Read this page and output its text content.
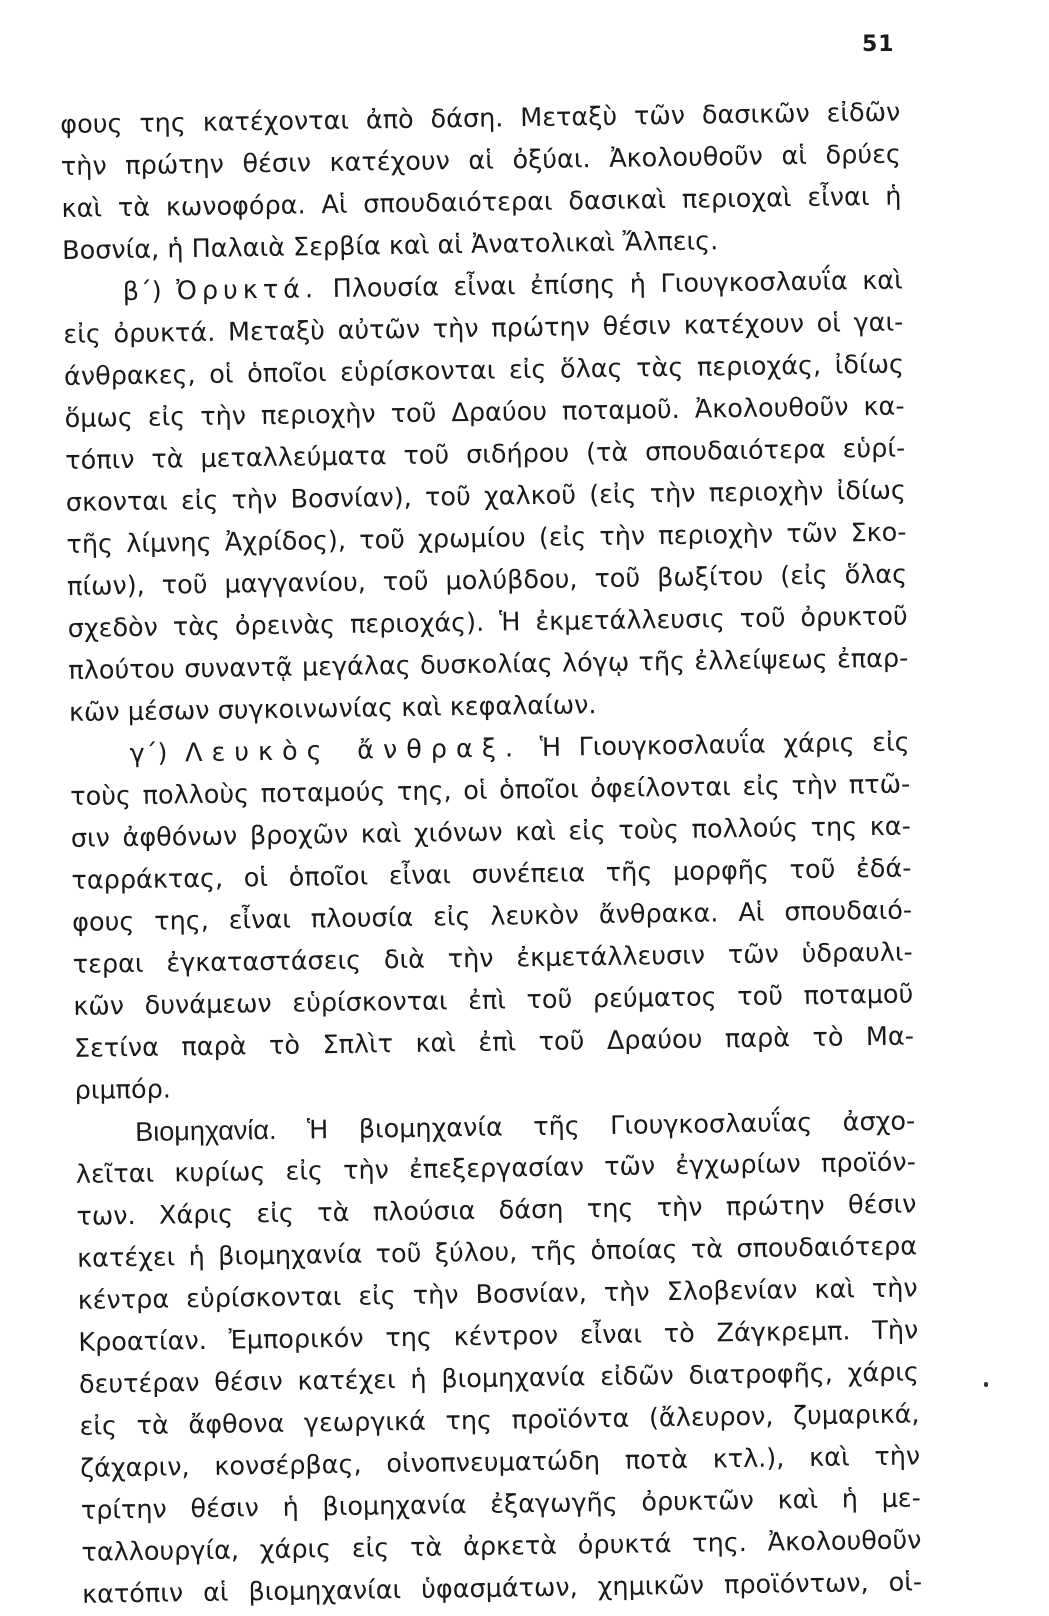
51
φους της κατέχονται ἀπὸ δάση. Μεταξὺ τῶν δασικῶν εἰδῶν
τὴν πρώτην θέσιν κατέχουν αἱ ὀξύαι. Ἀκολουθοῦν αἱ δρύες
καὶ τὰ κωνοφόρα. Αἱ σπουδαιότεραι δασικαὶ περιοχαὶ εἶναι ἡ
Βοσνία, ἡ Παλαιὰ Σερβία καὶ αἱ Ἀνατολικαὶ Ἄλπεις.
β΄) Ὀρυκτά. Πλουσία εἶναι ἐπίσης ἡ Γιουγκοσλαυΐα καὶ
εἰς ὀρυκτά. Μεταξὺ αὐτῶν τὴν πρώτην θέσιν κατέχουν οἱ γαι-
άνθρακες, οἱ ὁποῖοι εὑρίσκονται εἰς ὅλας τὰς περιοχάς, ἰδίως
ὅμως εἰς τὴν περιοχὴν τοῦ Δραύου ποταμοῦ. Ἀκολουθοῦν κα-
τόπιν τὰ μεταλλεύματα τοῦ σιδήρου (τὰ σπουδαιότερα εὑρί-
σκονται εἰς τὴν Βοσνίαν), τοῦ χαλκοῦ (εἰς τὴν περιοχὴν ἰδίως
τῆς λίμνης Ἀχρίδος), τοῦ χρωμίου (εἰς τὴν περιοχὴν τῶν Σκο-
πίων), τοῦ μαγγανίου, τοῦ μολύβδου, τοῦ βωξίτου (εἰς ὅλας
σχεδὸν τὰς ὀρεινὰς περιοχάς). Ἡ ἐκμετάλλευσις τοῦ ὀρυκτοῦ
πλούτου συναντᾷ μεγάλας δυσκολίας λόγῳ τῆς ἐλλείψεως ἐπαρ-
κῶν μέσων συγκοινωνίας καὶ κεφαλαίων.
γ΄) Λευκὸς ἄνθραξ. Ἡ Γιουγκοσλαυΐα χάρις εἰς
τοὺς πολλοὺς ποταμούς της, οἱ ὁποῖοι ὀφείλονται εἰς τὴν πτῶ-
σιν ἀφθόνων βροχῶν καὶ χιόνων καὶ εἰς τοὺς πολλούς της κα-
ταρράκτας, οἱ ὁποῖοι εἶναι συνέπεια τῆς μορφῆς τοῦ ἐδά-
φους της, εἶναι πλουσία εἰς λευκὸν ἄνθρακα. Αἱ σπουδαιό-
τεραι ἐγκαταστάσεις διὰ τὴν ἐκμετάλλευσιν τῶν ὑδραυλι-
κῶν δυνάμεων εὑρίσκονται ἐπὶ τοῦ ρεύματος τοῦ ποταμοῦ
Σετίνα παρὰ τὸ Σπλὶτ καὶ ἐπὶ τοῦ Δραύου παρὰ τὸ Μα-
ριμπόρ.
Βιομηχανία. Ἡ βιομηχανία τῆς Γιουγκοσλαυΐας ἀσχο-
λεῖται κυρίως εἰς τὴν ἐπεξεργασίαν τῶν ἐγχωρίων προϊόν-
των. Χάρις εἰς τὰ πλούσια δάση της τὴν πρώτην θέσιν
κατέχει ἡ βιομηχανία τοῦ ξύλου, τῆς ὁποίας τὰ σπουδαιότερα
κέντρα εὑρίσκονται εἰς τὴν Βοσνίαν, τὴν Σλοβενίαν καὶ τὴν
Κροατίαν. Ἐμπορικόν της κέντρον εἶναι τὸ Ζάγκρεμπ. Τὴν
δευτέραν θέσιν κατέχει ἡ βιομηχανία εἰδῶν διατροφῆς, χάρις
εἰς τὰ ἄφθονα γεωργικά της προϊόντα (ἄλευρον, ζυμαρικά,
ζάχαριν, κονσέρβας, οἰνοπνευματώδη ποτὰ κτλ.), καὶ τὴν
τρίτην θέσιν ἡ βιομηχανία ἐξαγωγῆς ὀρυκτῶν καὶ ἡ με-
ταλλουργία, χάρις εἰς τὰ ἀρκετὰ ὀρυκτά της. Ἀκολουθοῦν
κατόπιν αἱ βιομηχανίαι ὑφασμάτων, χημικῶν προϊόντων, οἱ-
